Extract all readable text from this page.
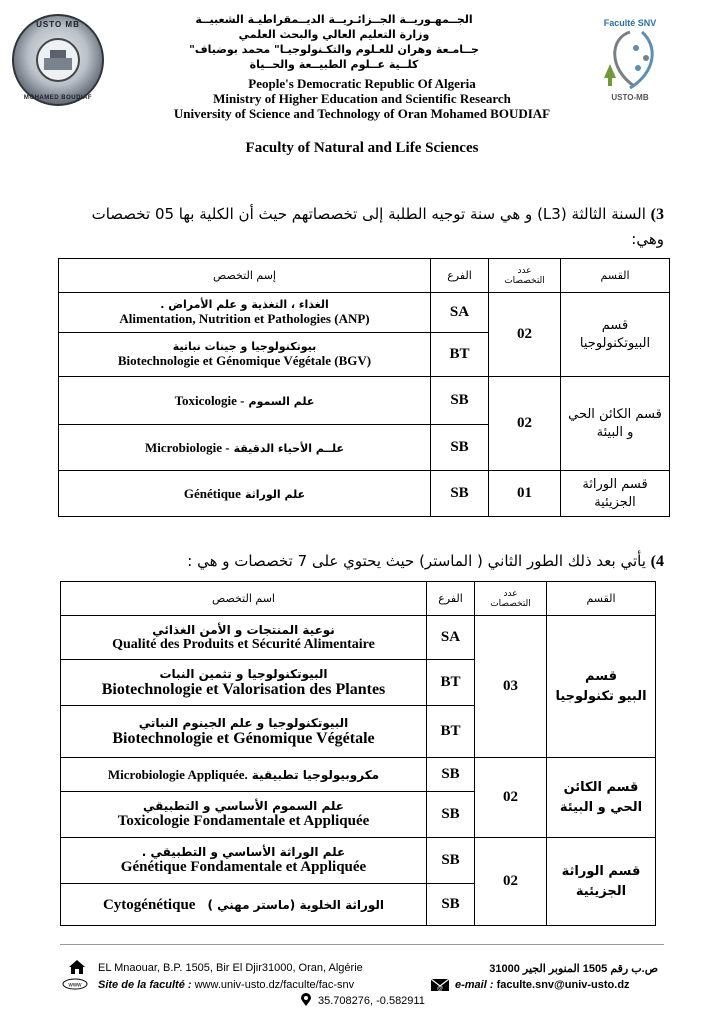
USTO MB
MOHAMED BOUDIAF
الجــمهـوريــة الجــزائـريــة الديــمقراطيـة الشعبيــة
وزارة التعليم العالي والبحث العلمي
جــامـعة وهران للعـلوم والتكـنولوجيـا" محمد بوضياف"
كلــية عــلوم الطبيــعة والحــياة
People's Democratic Republic Of Algeria
Ministry of Higher Education and Scientific Research
University of Science and Technology of Oran Mohamed BOUDIAF
Faculté SNV
USTO-MB
Faculty of Natural and Life Sciences
3) السنة الثالثة (L3) و هي سنة توجيه الطلبة إلى تخصصاتهم حيث أن الكلية بها 05 تخصصات
وهي:
إسم التخصص	الفرع	عدد
التخصصات	القسم

الغذاء ، التغذية و علم الأمراض .
Alimentation, Nutrition et Pathologies (ANP)	SA	02	قسم
البيوتكنولوجيا

بيوتكنولوجيا و جينات نباتية
Biotechnologie et Génomique Végétale (BGV)	BT		
Toxicologie - علم السموم	SB	02	قسم الكائن الحي
و البيئة

Microbiologie - علــم الأحياء الدقيقة	SB		
Génétique علم الوراثة	SB	01	قسم الوراثة
الجزيئية
4) يأتي بعد ذلك الطور الثاني ( الماستر) حيث يحتوي على 7 تخصصات و هي :
اسم التخصص	الفرع	عدد
التخصصات	القسم

نوعية المنتجات و الأمن الغذائي
Qualité des Produits et Sécurité Alimentaire	SA	03	قسم
البيو تكنولوجيا

البيوتكنولوجيا و تثمين النبات
Biotechnologie et Valorisation des Plantes	BT		

البيوتكنولوجيا و علم الجينوم النباتي
Biotechnologie et Génomique Végétale	BT		
Microbiologie Appliquée. مكروبيولوجيا تطبيقية	SB	02	قسم الكائن
الحي و البيئة

علم السموم الأساسي و التطبيقي
Toxicologie Fondamentale et Appliquée	SB		

علم الوراثة الأساسي و التطبيقي .
Génétique Fondamentale et Appliquée	SB	02	قسم الوراثة
الجزيئية

Cytogénétique الوراثة الخلوية (ماستر مهني )	SB		
EL Mnaouar, B.P. 1505, Bir El Djir31000, Oran, Algérie	ص.ب رقم 1505 المنوبر الجير 31000
www Site de la faculté : www.univ-usto.dz/faculte/fac-snv	@ e-mail : faculte.snv@univ-usto.dz
35.708276, -0.582911
